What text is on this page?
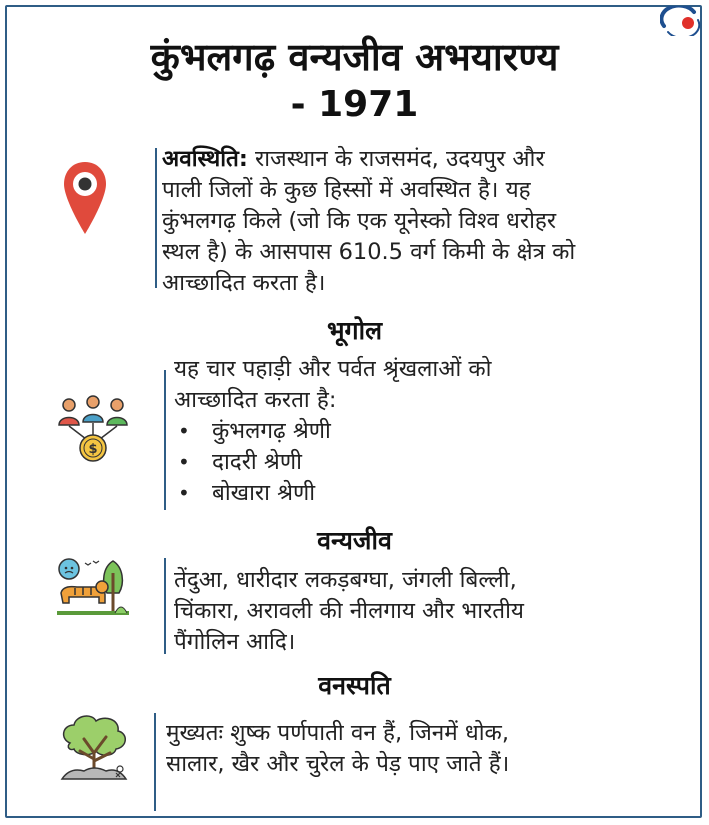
कुंभलगढ़ वन्यजीव अभयारण्य
- 1971
अवस्थिति: राजस्थान के राजसमंद, उदयपुर और
पाली जिलों के कुछ हिस्सों में अवस्थित है। यह
कुंभलगढ़ किले (जो कि एक यूनेस्को विश्व धरोहर
स्थल है) के आसपास 610.5 वर्ग किमी के क्षेत्र को
आच्छादित करता है।
भूगोल
$
यह चार पहाड़ी और पर्वत श्रृंखलाओं को
आच्छादित करता है:
• कुंभलगढ़ श्रेणी
• दादरी श्रेणी
• बोखारा श्रेणी
वन्यजीव
तेंदुआ, धारीदार लकड़बग्घा, जंगली बिल्ली,
चिंकारा, अरावली की नीलगाय और भारतीय
पैंगोलिन आदि।
वनस्पति
मुख्यतः शुष्क पर्णपाती वन हैं, जिनमें धोक,
सालार, खैर और चुरेल के पेड़ पाए जाते हैं।
